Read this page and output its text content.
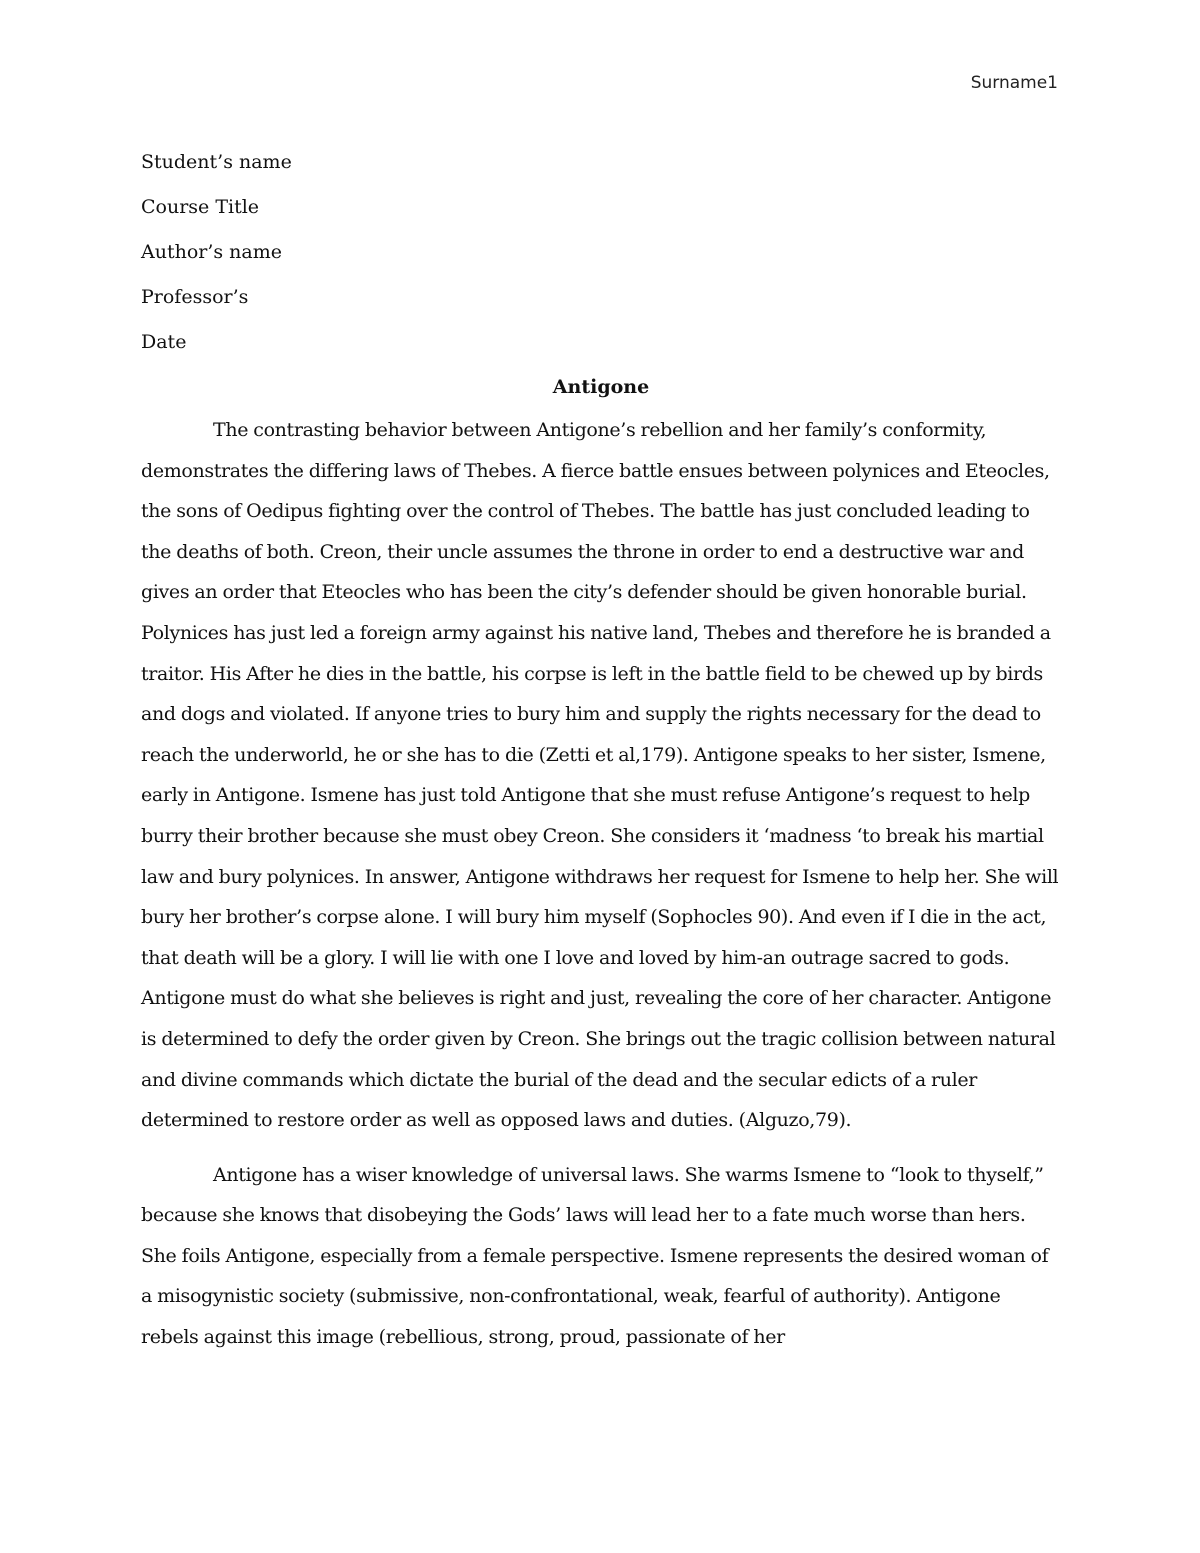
Surname1
Student’s name
Course Title
Author’s name
Professor’s
Date
Antigone

The contrasting behavior between Antigone’s rebellion and her family’s conformity, demonstrates the differing laws of Thebes. A fierce battle ensues between polynices and Eteocles, the sons of Oedipus fighting over the control of Thebes. The battle has just concluded leading to the deaths of both. Creon, their uncle assumes the throne in order to end a destructive war and gives an order that Eteocles who has been the city’s defender should be given honorable burial. Polynices has just led a foreign army against his native land, Thebes and therefore he is branded a traitor. His After he dies in the battle, his corpse is left in the battle field to be chewed up by birds and dogs and violated. If anyone tries to bury him and supply the rights necessary for the dead to reach the underworld, he or she has to die (Zetti et al,179). Antigone speaks to her sister, Ismene, early in Antigone. Ismene has just told Antigone that she must refuse Antigone’s request to help burry their brother because she must obey Creon. She considers it ‘madness ‘to break his martial law and bury polynices. In answer, Antigone withdraws her request for Ismene to help her. She will bury her brother’s corpse alone. I will bury him myself (Sophocles 90). And even if I die in the act, that death will be a glory. I will lie with one I love and loved by him-an outrage sacred to gods. Antigone must do what she believes is right and just, revealing the core of her character. Antigone is determined to defy the order given by Creon. She brings out the tragic collision between natural and divine commands which dictate the burial of the dead and the secular edicts of a ruler determined to restore order as well as opposed laws and duties. (Alguzo,79).

Antigone has a wiser knowledge of universal laws. She warms Ismene to “look to thyself,” because she knows that disobeying the Gods’ laws will lead her to a fate much worse than hers. She foils Antigone, especially from a female perspective. Ismene represents the desired woman of a misogynistic society (submissive, non-confrontational, weak, fearful of authority). Antigone rebels against this image (rebellious, strong, proud, passionate of her
